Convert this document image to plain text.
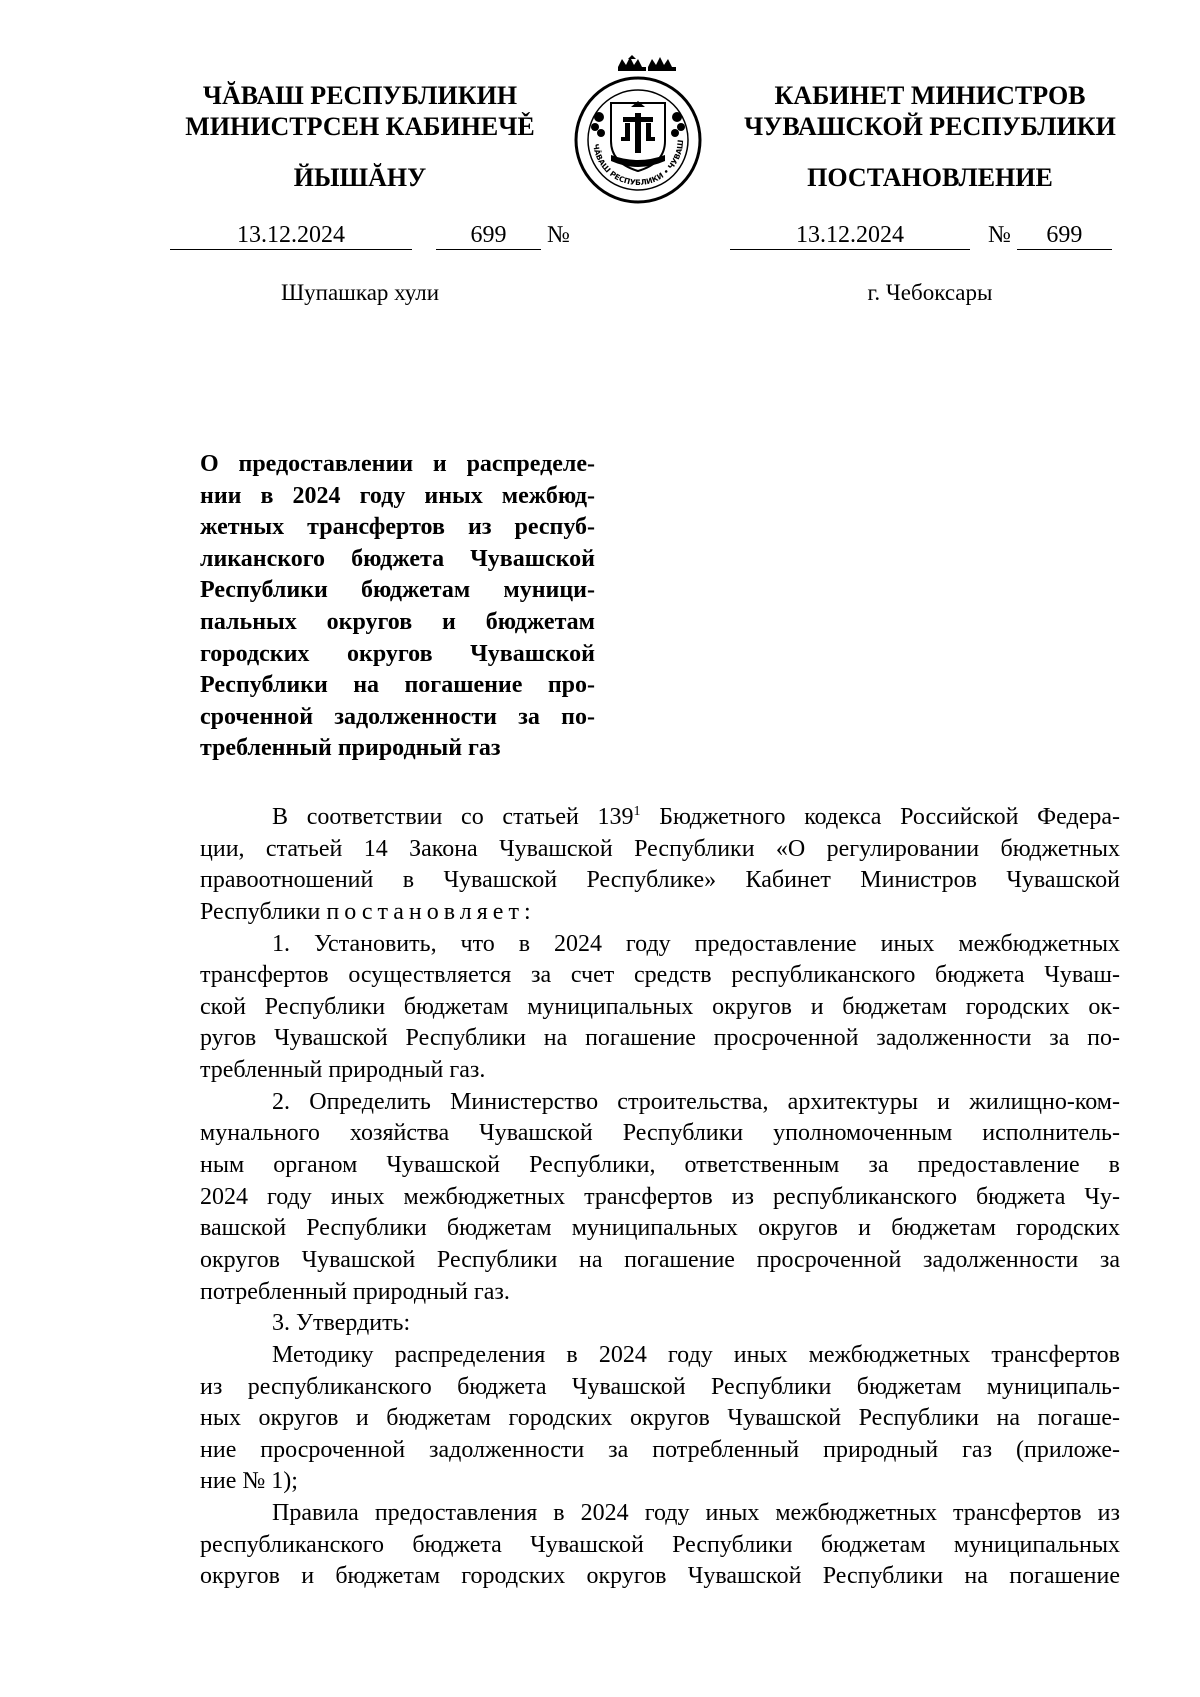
ЧĂВАШ РЕСПУБЛИКИН
МИНИСТРСЕН КАБИНЕЧĚ
ЙЫШĂНУ
ЧĂВАШ РЕСПУБЛИКИ • ЧУВАШ
КАБИНЕТ МИНИСТРОВ
ЧУВАШСКОЙ РЕСПУБЛИКИ
ПОСТАНОВЛЕНИЕ
13.12.2024	699 №	13.12.2024	№ 699
Шупашкар хули	г. Чебоксары
О предоставлении и распределе-
нии в 2024 году иных межбюд-
жетных трансфертов из респуб-
ликанского бюджета Чувашской
Республики бюджетам муници-
пальных округов и бюджетам
городских округов Чувашской
Республики на погашение про-
сроченной задолженности за по-
требленный природный газ
В соответствии со статьей $139^1$ Бюджетного кодекса Российской Федера-
ции, статьей 14 Закона Чувашской Республики «О регулировании бюджетных
правоотношений в Чувашской Республике» Кабинет Министров Чувашской
Республики постановляет:
1. Установить, что в 2024 году предоставление иных межбюджетных
трансфертов осуществляется за счет средств республиканского бюджета Чуваш-
ской Республики бюджетам муниципальных округов и бюджетам городских ок-
ругов Чувашской Республики на погашение просроченной задолженности за по-
требленный природный газ.
2. Определить Министерство строительства, архитектуры и жилищно-ком-
мунального хозяйства Чувашской Республики уполномоченным исполнитель-
ным органом Чувашской Республики, ответственным за предоставление в
2024 году иных межбюджетных трансфертов из республиканского бюджета Чу-
вашской Республики бюджетам муниципальных округов и бюджетам городских
округов Чувашской Республики на погашение просроченной задолженности за
потребленный природный газ.
3. Утвердить:
Методику распределения в 2024 году иных межбюджетных трансфертов
из республиканского бюджета Чувашской Республики бюджетам муниципаль-
ных округов и бюджетам городских округов Чувашской Республики на погаше-
ние просроченной задолженности за потребленный природный газ (приложе-
ние № 1);
Правила предоставления в 2024 году иных межбюджетных трансфертов из
республиканского бюджета Чувашской Республики бюджетам муниципальных
округов и бюджетам городских округов Чувашской Республики на погашение
